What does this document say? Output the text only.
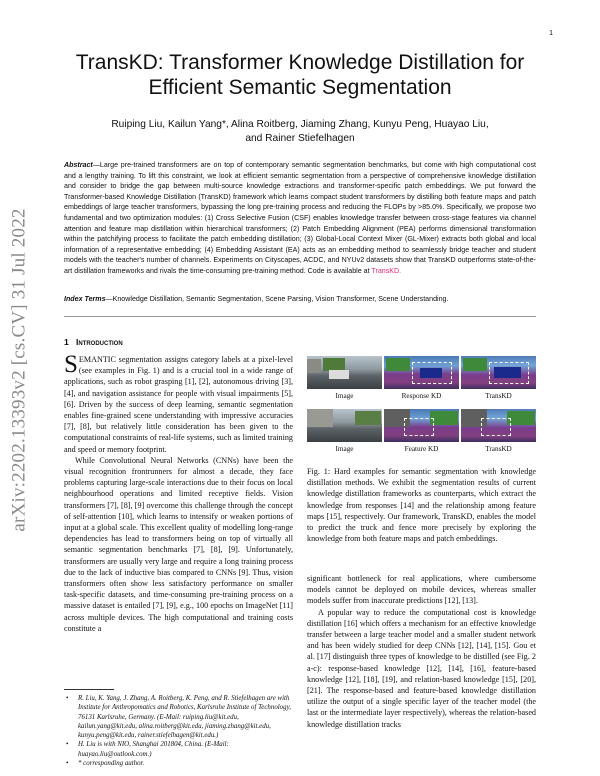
1
arXiv:2202.13393v2 [cs.CV] 31 Jul 2022
TransKD: Transformer Knowledge Distillation for Efficient Semantic Segmentation
Ruiping Liu, Kailun Yang*, Alina Roitberg, Jiaming Zhang, Kunyu Peng, Huayao Liu,
and Rainer Stiefelhagen
Abstract—Large pre-trained transformers are on top of contemporary semantic segmentation benchmarks, but come with high computational cost and a lengthy training. To lift this constraint, we look at efficient semantic segmentation from a perspective of comprehensive knowledge distillation and consider to bridge the gap between multi-source knowledge extractions and transformer-specific patch embeddings. We put forward the Transformer-based Knowledge Distillation (TransKD) framework which learns compact student transformers by distilling both feature maps and patch embeddings of large teacher transformers, bypassing the long pre-training process and reducing the FLOPs by >85.0%. Specifically, we propose two fundamental and two optimization modules: (1) Cross Selective Fusion (CSF) enables knowledge transfer between cross-stage features via channel attention and feature map distillation within hierarchical transformers; (2) Patch Embedding Alignment (PEA) performs dimensional transformation within the patchifying process to facilitate the patch embedding distillation; (3) Global-Local Context Mixer (GL-Mixer) extracts both global and local information of a representative embedding; (4) Embedding Assistant (EA) acts as an embedding method to seamlessly bridge teacher and student models with the teacher's number of channels. Experiments on Cityscapes, ACDC, and NYUv2 datasets show that TransKD outperforms state-of-the-art distillation frameworks and rivals the time-consuming pre-training method. Code is available at TransKD.
Index Terms—Knowledge Distillation, Semantic Segmentation, Scene Parsing, Vision Transformer, Scene Understanding.
1 Introduction

SEMANTIC segmentation assigns category labels at a pixel-level (see examples in Fig. 1) and is a crucial tool in a wide range of applications, such as robot grasping [1], [2], autonomous driving [3], [4], and navigation assistance for people with visual impairments [5], [6]. Driven by the success of deep learning, semantic segmentation enables fine-grained scene understanding with impressive accuracies [7], [8], but relatively little consideration has been given to the computational constraints of real-life systems, such as limited training and speed or memory footprint.

While Convolutional Neural Networks (CNNs) have been the visual recognition frontrunners for almost a decade, they face problems capturing large-scale interactions due to their focus on local neighbourhood operations and limited receptive fields. Vision transformers [7], [8], [9] overcome this challenge through the concept of self-attention [10], which learns to intensify or weaken portions of input at a global scale. This excellent quality of modelling long-range dependencies has lead to transformers being on top of virtually all semantic segmentation benchmarks [7], [8], [9]. Unfortunately, transformers are usually very large and require a long training process due to the lack of inductive bias compared to CNNs [9]. Thus, vision transformers often show less satisfactory performance on smaller task-specific datasets, and time-consuming pre-training process on a massive dataset is entailed [7], [9], e.g., 100 epochs on ImageNet [11] across multiple devices. The high computational and training costs constitute a

Image	Response KD	TransKD
Image	Feature KD	TransKD

Fig. 1: Hard examples for semantic segmentation with knowledge distillation methods. We exhibit the segmentation results of current knowledge distillation frameworks as counterparts, which extract the knowledge from responses [14] and the relationship among feature maps [15], respectively. Our framework, TransKD, enables the model to predict the truck and fence more precisely by exploring the knowledge from both feature maps and patch embeddings.

significant bottleneck for real applications, where cumbersome models cannot be deployed on mobile devices, whereas smaller models suffer from inaccurate predictions [12], [13].

A popular way to reduce the computational cost is knowledge distillation [16] which offers a mechanism for an effective knowledge transfer between a large teacher model and a smaller student network and has been widely studied for deep CNNs [12], [14], [15]. Gou et al. [17] distinguish three types of knowledge to be distilled (see Fig. 2 a-c): response-based knowledge [12], [14], [16], feature-based knowledge [12], [18], [19], and relation-based knowledge [15], [20], [21]. The response-based and feature-based knowledge distillation utilize the output of a single specific layer of the teacher model (the last or the intermediate layer respectively), whereas the relation-based knowledge distillation tracks

• R. Liu, K. Yang, J. Zhang, A. Roitberg, K. Peng, and R. Stiefelhagen are with Institute for Anthropomatics and Robotics, Karlsruhe Institute of Technology, 76131 Karlsruhe, Germany. (E-Mail: ruiping.liu@kit.edu, kailun.yang@kit.edu, alina.roitberg@kit.edu, jiaming.zhang@kit.edu, kunyu.peng@kit.edu, rainer.stiefelhagen@kit.edu.)
• H. Liu is with NIO, Shanghai 201804, China. (E-Mail: huayao.liu@outlook.com.)
• * corresponding author.
